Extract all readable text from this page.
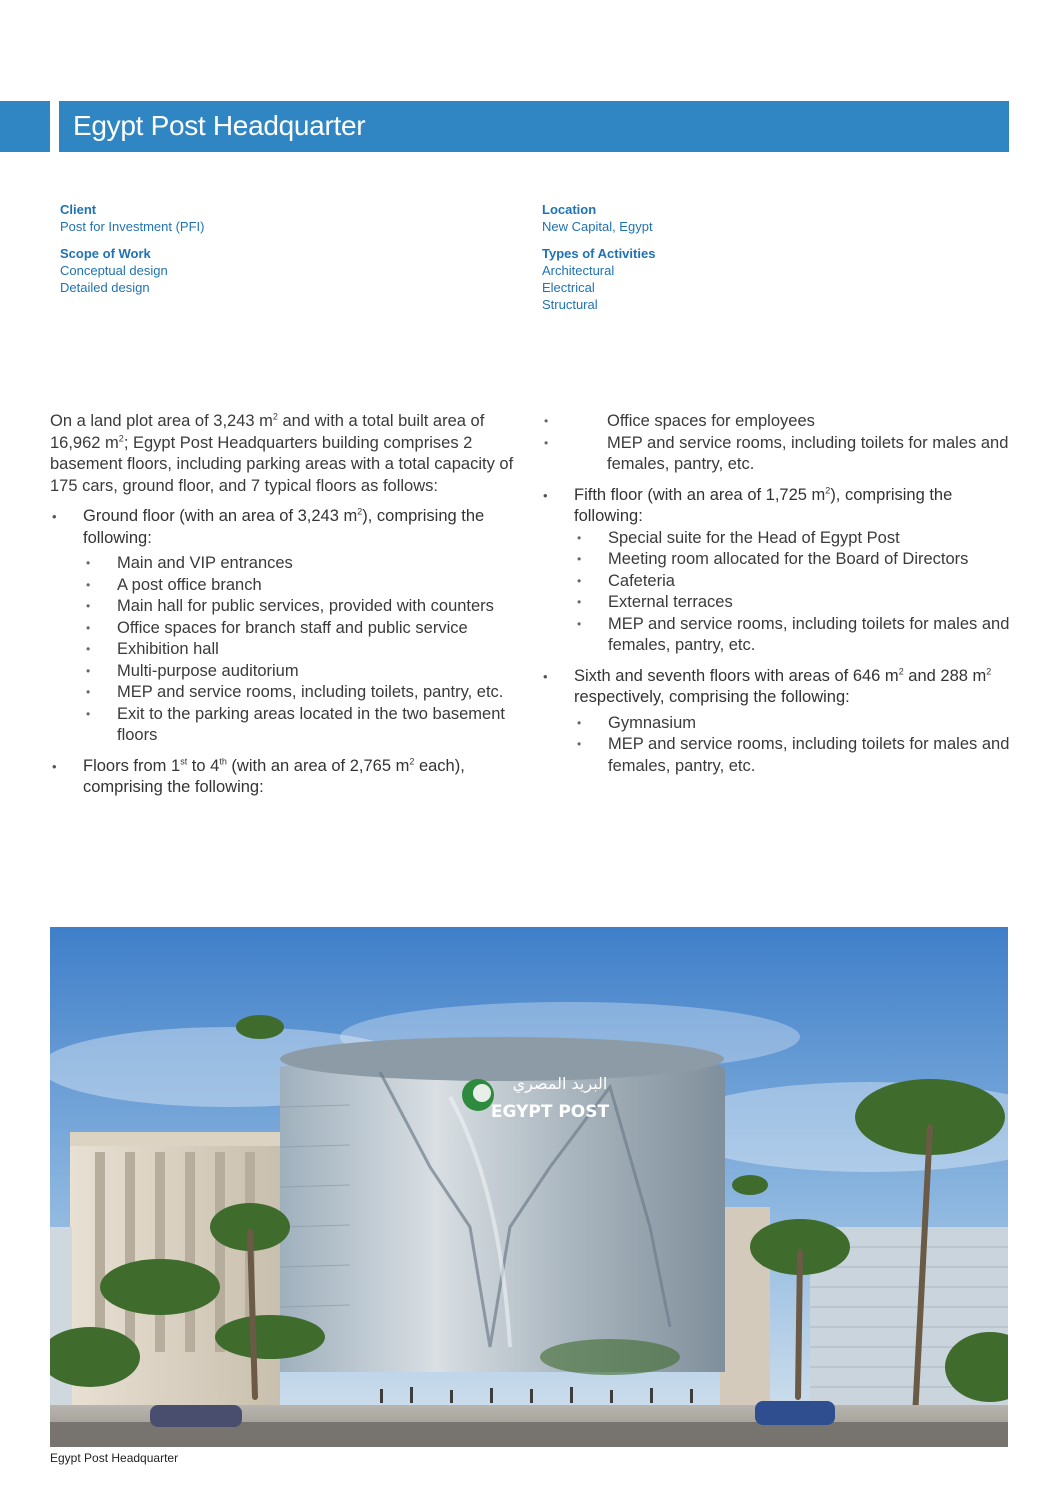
Egypt Post Headquarter
Client
Post for Investment (PFI)
Scope of Work
Conceptual design
Detailed design
Location
New Capital, Egypt
Types of Activities
Architectural
Electrical
Structural

On a land plot area of 3,243 $m^2$ and with a total built area of 16,962 $m^2$; Egypt Post Headquarters building comprises 2 basement floors, including parking areas with a total capacity of 175 cars, ground floor, and 7 typical floors as follows:

• Ground floor (with an area of 3,243 $m^2$), comprising the following:
• Main and VIP entrances
• A post office branch
• Main hall for public services, provided with counters
• Office spaces for branch staff and public service
• Exhibition hall
• Multi-purpose auditorium
• MEP and service rooms, including toilets, pantry, etc.
• Exit to the parking areas located in the two basement floors
• Floors from 1st to 4th (with an area of 2,765 $m^2$ each), comprising the following:
• Office spaces for employees
• MEP and service rooms, including toilets for males and females, pantry, etc.
• Fifth floor (with an area of 1,725 $m^2$), comprising the following:
• Special suite for the Head of Egypt Post
• Meeting room allocated for the Board of Directors
• Cafeteria
• External terraces
• MEP and service rooms, including toilets for males and females, pantry, etc.
• Sixth and seventh floors with areas of 646 $m^2$ and 288 $m^2$ respectively, comprising the following:
• Gymnasium
• MEP and service rooms, including toilets for males and females, pantry, etc.
البريد المصري
EGYPT POST
Egypt Post Headquarter
